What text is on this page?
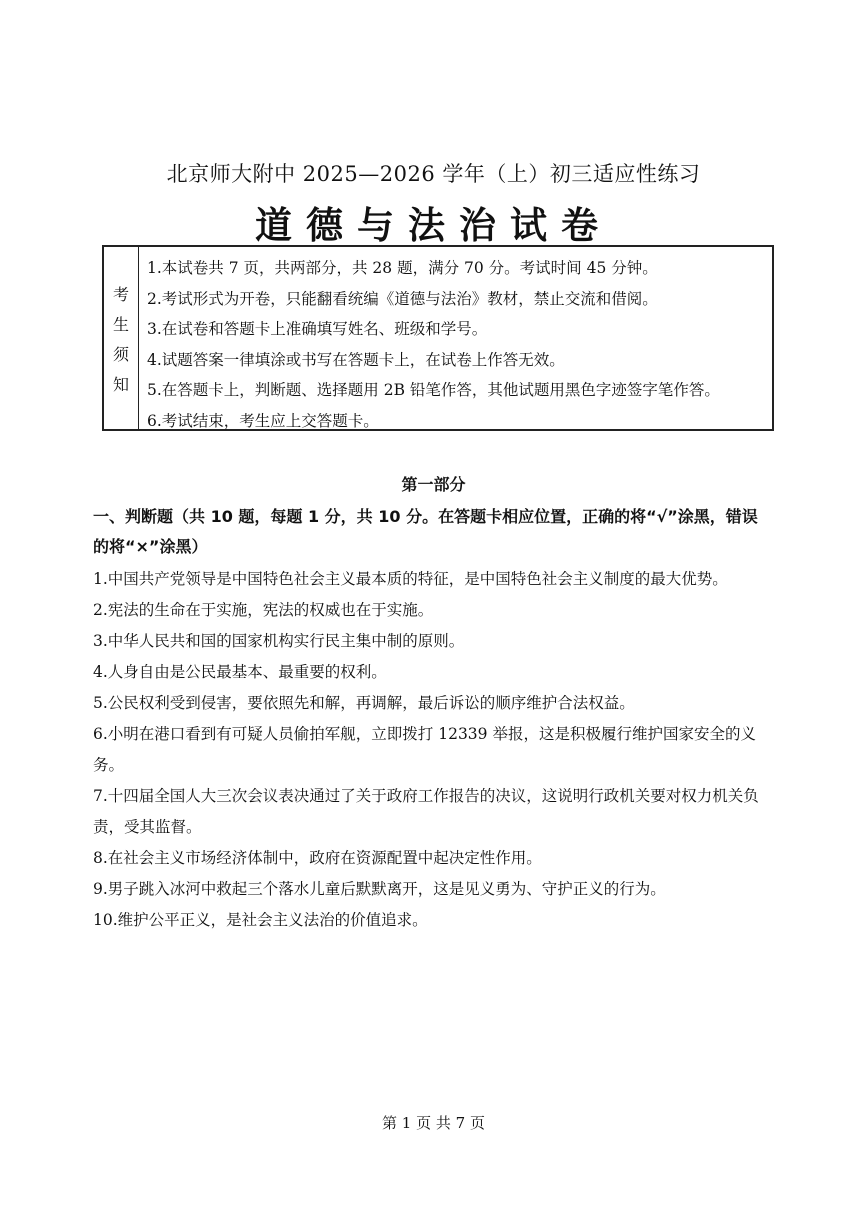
北京师大附中 2025—2026 学年（上）初三适应性练习
道德与法治试卷
考
生
须
知
1.本试卷共 7 页，共两部分，共 28 题，满分 70 分。考试时间 45 分钟。
2.考试形式为开卷，只能翻看统编《道德与法治》教材，禁止交流和借阅。
3.在试卷和答题卡上准确填写姓名、班级和学号。
4.试题答案一律填涂或书写在答题卡上，在试卷上作答无效。
5.在答题卡上，判断题、选择题用 2B 铅笔作答，其他试题用黑色字迹签字笔作答。
6.考试结束，考生应上交答题卡。
第一部分
一、判断题（共 10 题，每题 1 分，共 10 分。在答题卡相应位置，正确的将“√”涂黑，错误的将“×”涂黑）
1.中国共产党领导是中国特色社会主义最本质的特征，是中国特色社会主义制度的最大优势。
2.宪法的生命在于实施，宪法的权威也在于实施。
3.中华人民共和国的国家机构实行民主集中制的原则。
4.人身自由是公民最基本、最重要的权利。
5.公民权利受到侵害，要依照先和解，再调解，最后诉讼的顺序维护合法权益。
6.小明在港口看到有可疑人员偷拍军舰，立即拨打 12339 举报，这是积极履行维护国家安全的义务。
7.十四届全国人大三次会议表决通过了关于政府工作报告的决议，这说明行政机关要对权力机关负责，受其监督。
8.在社会主义市场经济体制中，政府在资源配置中起决定性作用。
9.男子跳入冰河中救起三个落水儿童后默默离开，这是见义勇为、守护正义的行为。
10.维护公平正义，是社会主义法治的价值追求。
第 1 页 共 7 页
